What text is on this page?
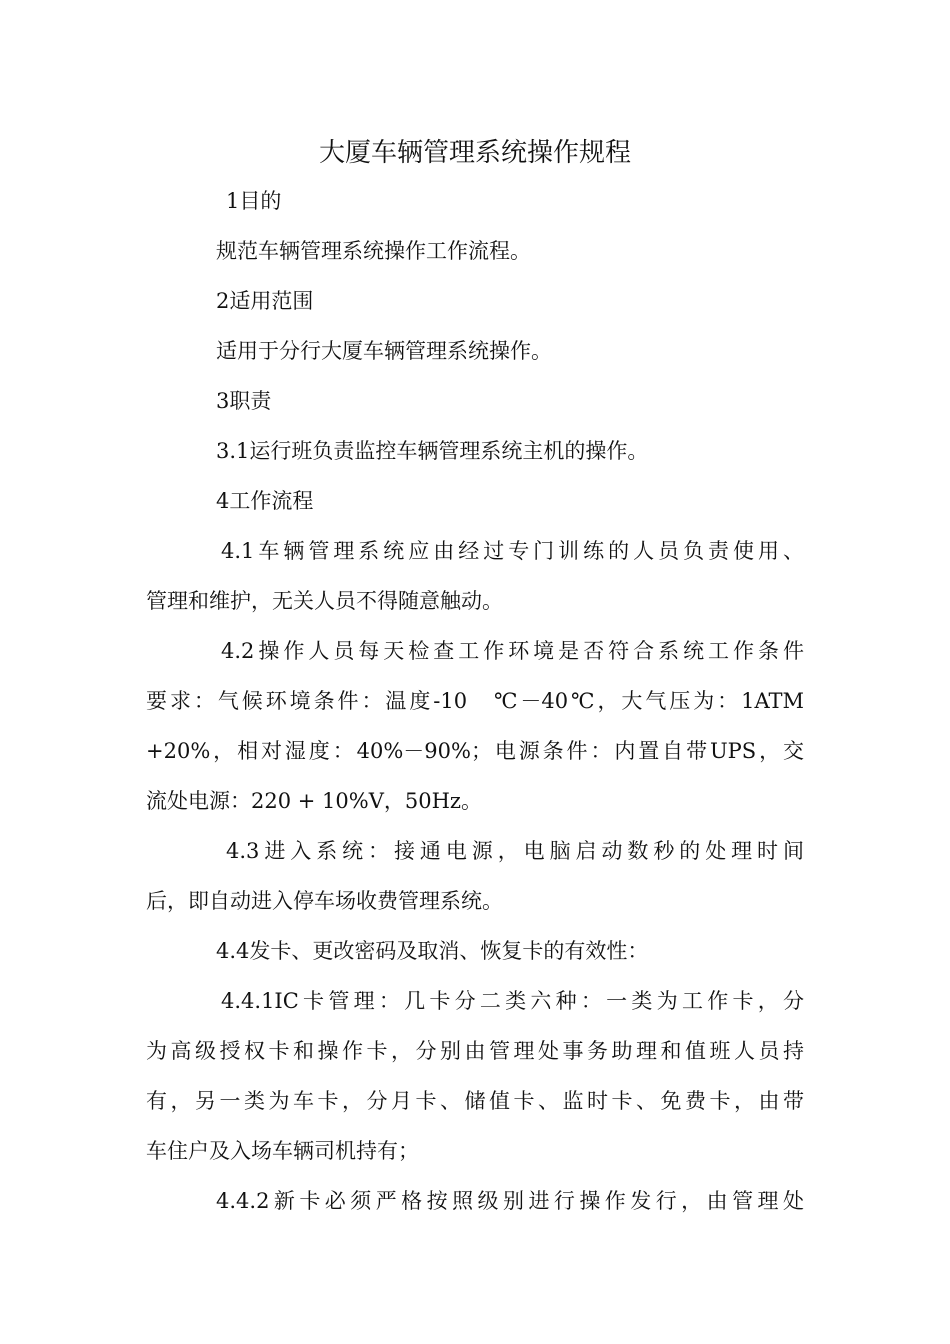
大厦车辆管理系统操作规程
1目的
规范车辆管理系统操作工作流程。
2适用范围
适用于分行大厦车辆管理系统操作。
3职责
3.1运行班负责监控车辆管理系统主机的操作。
4工作流程
4.1车辆管理系统应由经过专门训练的人员负责使用、
管理和维护，无关人员不得随意触动。
4.2操作人员每天检查工作环境是否符合系统工作条件
要求：气候环境条件：温度-10　℃－40℃，大气压为：1ATM
+20%，相对湿度：40%－90%；电源条件：内置自带UPS，交
流处电源：220 + 10%V，50Hz。
4.3进入系统：接通电源，电脑启动数秒的处理时间
后，即自动进入停车场收费管理系统。
4.4发卡、更改密码及取消、恢复卡的有效性：
4.4.1IC卡管理：几卡分二类六种：一类为工作卡，分
为高级授权卡和操作卡，分别由管理处事务助理和值班人员持
有，另一类为车卡，分月卡、储值卡、监时卡、免费卡，由带
车住户及入场车辆司机持有；
4.4.2新卡必须严格按照级别进行操作发行，由管理处
